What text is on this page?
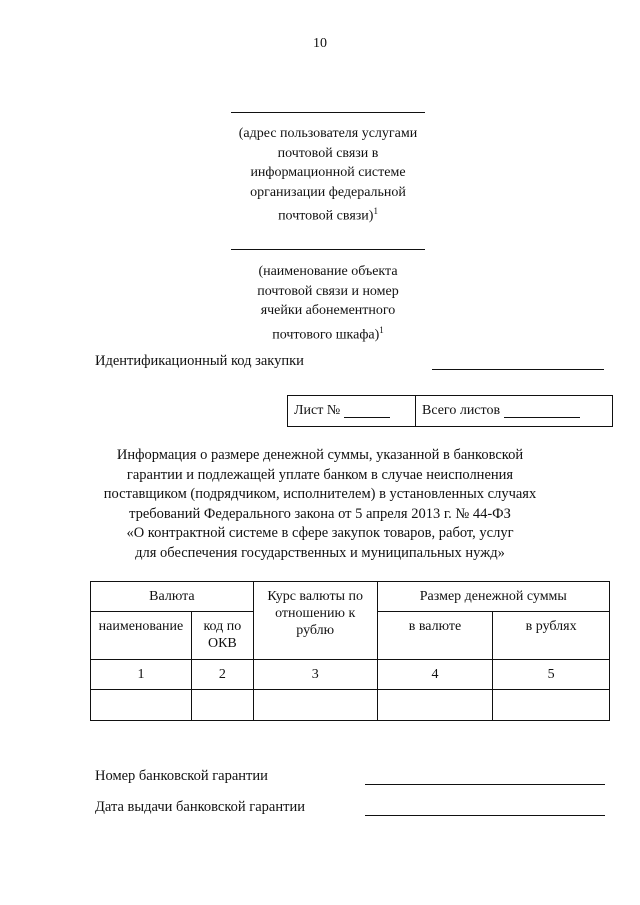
10
(адрес пользователя услугами
почтовой связи в
информационной системе
организации федеральной
почтовой связи)$^1$
(наименование объекта
почтовой связи и номер
ячейки абонементного
почтового шкафа)$^1$
Идентификационный код закупки
Лист №	Всего листов
Информация о размере денежной суммы, указанной в банковской
гарантии и подлежащей уплате банком в случае неисполнения
поставщиком (подрядчиком, исполнителем) в установленных случаях
требований Федерального закона от 5 апреля 2013 г. № 44-ФЗ
«О контрактной системе в сфере закупок товаров, работ, услуг
для обеспечения государственных и муниципальных нужд»
Валюта		Курс валюты по отношению к рублю	Размер денежной суммы	
наименование	код по ОКВ		в валюте	в рублях
1	2	3	4	5

Номер банковской гарантии
Дата выдачи банковской гарантии
